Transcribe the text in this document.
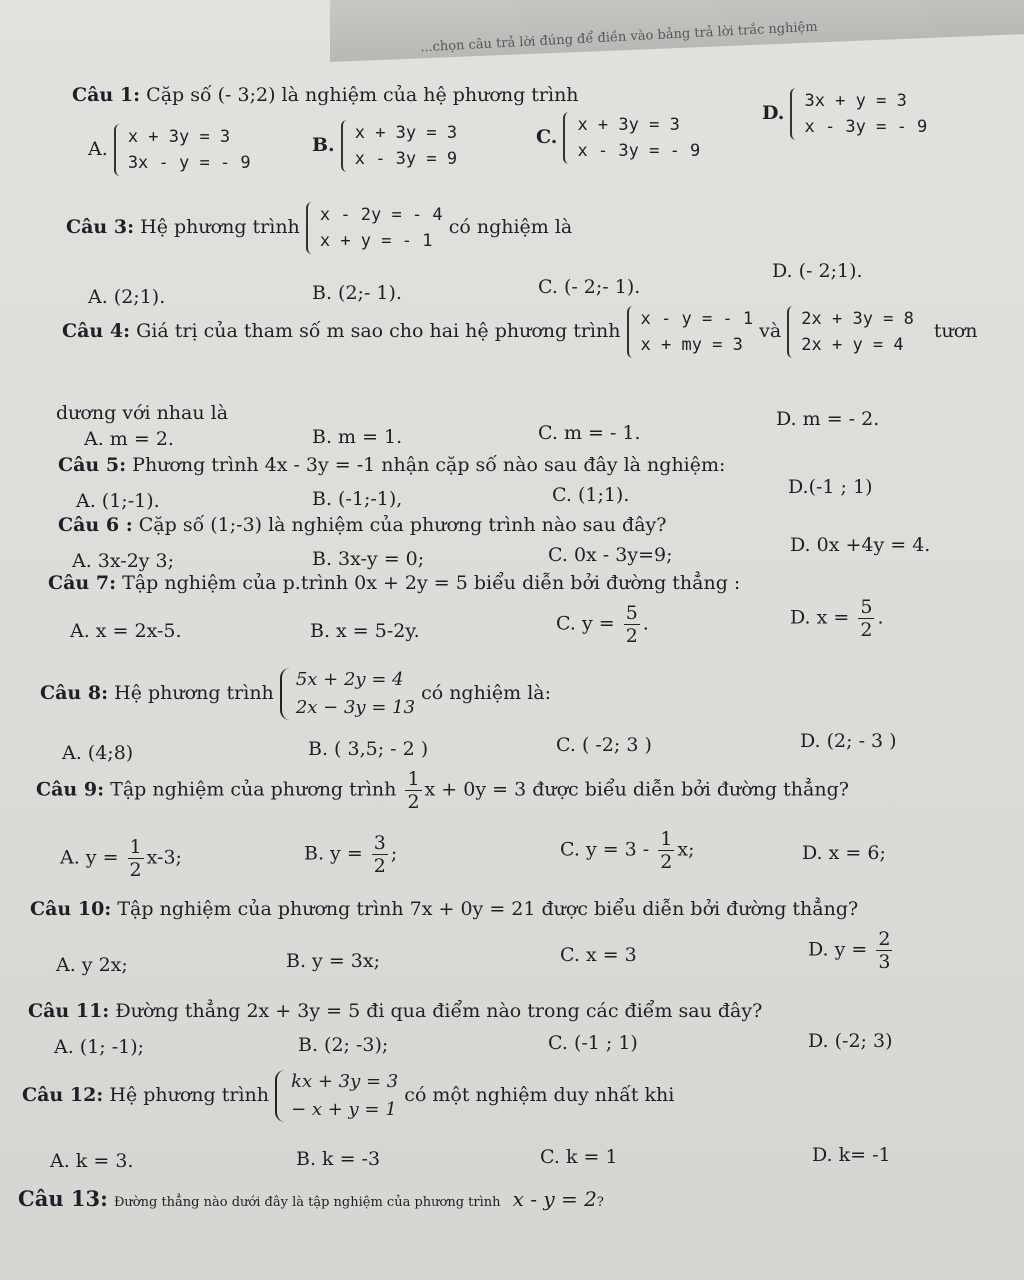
...chọn câu trả lời đúng để điền vào bảng trả lời trắc nghiệm
Câu 1: Cặp số (- 3;2) là nghiệm của hệ phương trình
A.
x + 3y = 3
3x - y = - 9
B.
x + 3y = 3
x - 3y = 9
C.
x + 3y = 3
x - 3y = - 9
D.
3x + y = 3
x - 3y = - 9
Câu 3: Hệ phương trình
x - 2y = - 4
x + y = - 1
có nghiệm là
A. (2;1).	B. (2;- 1).	C. (- 2;- 1).
D. (- 2;1).
Câu 4: Giá trị của tham số m sao cho hai hệ phương trình
x - y = - 1
x + my = 3
và
2x + 3y = 8
2x + y = 4
tươn
dương với nhau là
A. m = 2.	B. m = 1.	C. m = - 1.
D. m = - 2.
Câu 5: Phương trình 4x - 3y = -1 nhận cặp số nào sau đây là nghiệm:
A. (1;-1).	B. (-1;-1),	C. (1;1).	D.(-1 ; 1)
Câu 6 : Cặp số (1;-3) là nghiệm của phương trình nào sau đây?
A. 3x-2y 3;	B. 3x-y = 0;	C. 0x - 3y=9;	D. 0x +4y = 4.
Câu 7: Tập nghiệm của p.trình 0x + 2y = 5 biểu diễn bởi đường thẳng :
A. x = 2x-5.	B. x = 5-2y.	C. $y = \frac{5}{2}$ .	D. $x = \frac{5}{2}$ .
Câu 8: Hệ phương trình
5x + 2y = 4
2x − 3y = 13
có nghiệm là:
A. (4;8)	B. ( 3,5; - 2 )	C. ( -2; 3 )	D. (2; - 3 )
Câu 9: Tập nghiệm của phương trình $\frac{1}{2}$ x + 0y = 3 được biểu diễn bởi đường thẳng?
A. $y = \frac{1}{2} x-3$;	B. $y = \frac{3}{2}$ ;	C. $y = 3 - \frac{1}{2} x$;	D. x = 6;
Câu 10: Tập nghiệm của phương trình 7x + 0y = 21 được biểu diễn bởi đường thẳng?
A. y 2x;	B. y = 3x;	C. x = 3	D. $y = \frac{2}{3}$
Câu 11: Đường thẳng 2x + 3y = 5 đi qua điểm nào trong các điểm sau đây?
A. (1; -1);	B. (2; -3);	C. (-1 ; 1)	D. (-2; 3)
Câu 12: Hệ phương trình
kx + 3y = 3
− x + y = 1
có một nghiệm duy nhất khi
A. k = 3.	B. k = -3	C. k = 1	D. k= -1
Câu 13: Đường thẳng nào dưới đây là tập nghiệm của phương trình x - y = 2?
